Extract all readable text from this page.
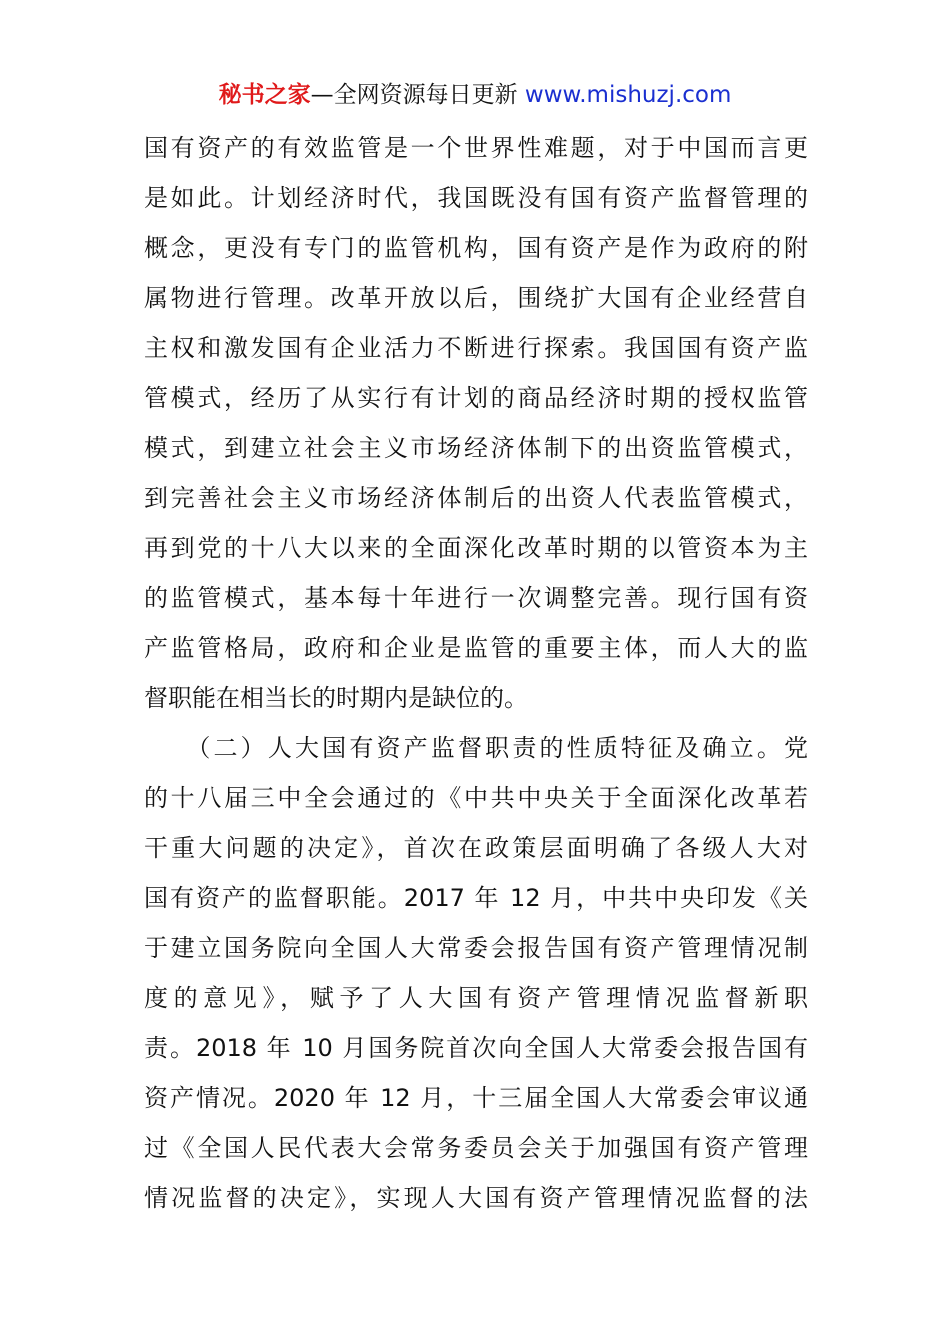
秘书之家—全网资源每日更新 www.mishuzj.com
国有资产的有效监管是一个世界性难题，对于中国而言更
是如此。计划经济时代，我国既没有国有资产监督管理的
概念，更没有专门的监管机构，国有资产是作为政府的附
属物进行管理。改革开放以后，围绕扩大国有企业经营自
主权和激发国有企业活力不断进行探索。我国国有资产监
管模式，经历了从实行有计划的商品经济时期的授权监管
模式，到建立社会主义市场经济体制下的出资监管模式，
到完善社会主义市场经济体制后的出资人代表监管模式，
再到党的十八大以来的全面深化改革时期的以管资本为主
的监管模式，基本每十年进行一次调整完善。现行国有资
产监管格局，政府和企业是监管的重要主体，而人大的监
督职能在相当长的时期内是缺位的。
　　（二）人大国有资产监督职责的性质特征及确立。党
的十八届三中全会通过的《中共中央关于全面深化改革若
干重大问题的决定》，首次在政策层面明确了各级人大对
国有资产的监督职能。2017 年 12 月，中共中央印发《关
于建立国务院向全国人大常委会报告国有资产管理情况制
度的意见》，赋予了人大国有资产管理情况监督新职
责。2018 年 10 月国务院首次向全国人大常委会报告国有
资产情况。2020 年 12 月，十三届全国人大常委会审议通
过《全国人民代表大会常务委员会关于加强国有资产管理
情况监督的决定》，实现人大国有资产管理情况监督的法
